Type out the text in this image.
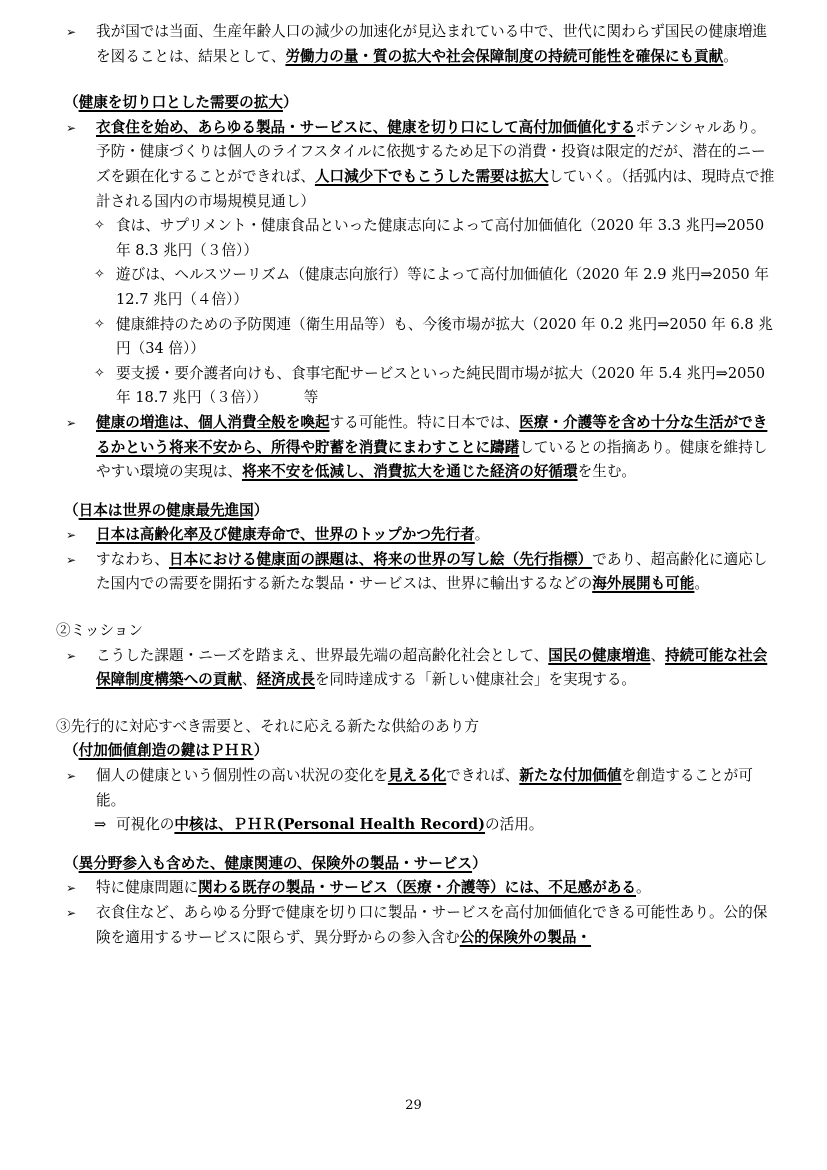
➢	我が国では当面、生産年齢人口の減少の加速化が見込まれている中で、世代に関わらず国民の健康増進を図ることは、結果として、労働力の量・質の拡大や社会保障制度の持続可能性を確保にも貢献。
（健康を切り口とした需要の拡大）
➢	衣食住を始め、あらゆる製品・サービスに、健康を切り口にして高付加価値化するポテンシャルあり。予防・健康づくりは個人のライフスタイルに依拠するため足下の消費・投資は限定的だが、潜在的ニーズを顕在化することができれば、人口減少下でもこうした需要は拡大していく。（括弧内は、現時点で推計される国内の市場規模見通し）
✧ 食は、サプリメント・健康食品といった健康志向によって高付加価値化（2020 年 3.3 兆円⇒2050 年 8.3 兆円（３倍））
✧ 遊びは、ヘルスツーリズム（健康志向旅行）等によって高付加価値化（2020 年 2.9 兆円⇒2050 年 12.7 兆円（４倍））
✧ 健康維持のための予防関連（衛生用品等）も、今後市場が拡大（2020 年 0.2 兆円⇒2050 年 6.8 兆円（34 倍））
✧ 要支援・要介護者向けも、食事宅配サービスといった純民間市場が拡大（2020 年 5.4 兆円⇒2050 年 18.7 兆円（３倍））　　　等
➢	健康の増進は、個人消費全般を喚起する可能性。特に日本では、医療・介護等を含め十分な生活ができるかという将来不安から、所得や貯蓄を消費にまわすことに躊躇しているとの指摘あり。健康を維持しやすい環境の実現は、将来不安を低減し、消費拡大を通じた経済の好循環を生む。
（日本は世界の健康最先進国）
➢	日本は高齢化率及び健康寿命で、世界のトップかつ先行者。
➢	すなわち、日本における健康面の課題は、将来の世界の写し絵（先行指標）であり、超高齢化に適応した国内での需要を開拓する新たな製品・サービスは、世界に輸出するなどの海外展開も可能。
②ミッション
➢	こうした課題・ニーズを踏まえ、世界最先端の超高齢化社会として、国民の健康増進、持続可能な社会保障制度構築への貢献、経済成長を同時達成する「新しい健康社会」を実現する。
③先行的に対応すべき需要と、それに応える新たな供給のあり方
（付加価値創造の鍵はＰＨＲ）
➢	個人の健康という個別性の高い状況の変化を見える化できれば、新たな付加価値を創造することが可能。
⇒ 可視化の中核は、ＰＨＲ(Personal Health Record)の活用。
（異分野参入も含めた、健康関連の、保険外の製品・サービス）
➢	特に健康問題に関わる既存の製品・サービス（医療・介護等）には、不足感がある。
➢	衣食住など、あらゆる分野で健康を切り口に製品・サービスを高付加価値化できる可能性あり。公的保険を適用するサービスに限らず、異分野からの参入含む公的保険外の製品・
29
